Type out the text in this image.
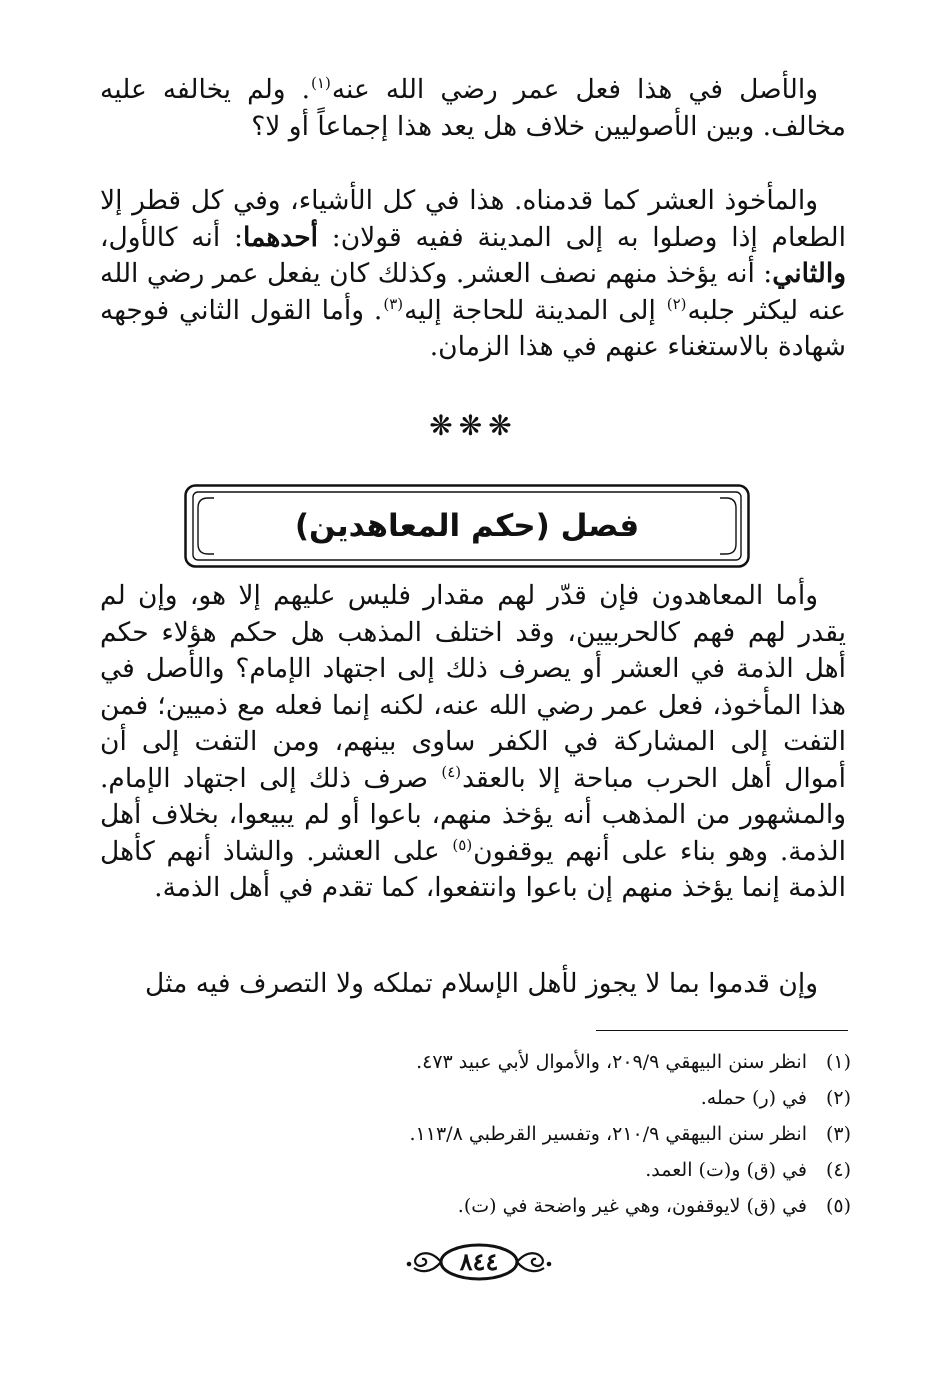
والأصل في هذا فعل عمر رضي الله عنه$^{(١)}$. ولم يخالفه عليه مخالف. وبين الأصوليين خلاف هل يعد هذا إجماعاً أو لا؟

والمأخوذ العشر كما قدمناه. هذا في كل الأشياء، وفي كل قطر إلا الطعام إذا وصلوا به إلى المدينة ففيه قولان: أحدهما: أنه كالأول، والثاني: أنه يؤخذ منهم نصف العشر. وكذلك كان يفعل عمر رضي الله عنه ليكثر جلبه$^{(٢)}$ إلى المدينة للحاجة إليه$^{(٣)}$. وأما القول الثاني فوجهه شهادة بالاستغناء عنهم في هذا الزمان.

❋❋❋
فصل (حكم المعاهدين)

وأما المعاهدون فإن قدّر لهم مقدار فليس عليهم إلا هو، وإن لم يقدر لهم فهم كالحربيين، وقد اختلف المذهب هل حكم هؤلاء حكم أهل الذمة في العشر أو يصرف ذلك إلى اجتهاد الإمام؟ والأصل في هذا المأخوذ، فعل عمر رضي الله عنه، لكنه إنما فعله مع ذميين؛ فمن التفت إلى المشاركة في الكفر ساوى بينهم، ومن التفت إلى أن أموال أهل الحرب مباحة إلا بالعقد$^{(٤)}$ صرف ذلك إلى اجتهاد الإمام. والمشهور من المذهب أنه يؤخذ منهم، باعوا أو لم يبيعوا، بخلاف أهل الذمة. وهو بناء على أنهم يوقفون$^{(٥)}$ على العشر. والشاذ أنهم كأهل الذمة إنما يؤخذ منهم إن باعوا وانتفعوا، كما تقدم في أهل الذمة.

وإن قدموا بما لا يجوز لأهل الإسلام تملكه ولا التصرف فيه مثل

(١)انظر سنن البيهقي ٢٠٩/٩، والأموال لأبي عبيد ٤٧٣.
(٢)في (ر) حمله.
(٣)انظر سنن البيهقي ٢١٠/٩، وتفسير القرطبي ١١٣/٨.
(٤)في (ق) و(ت) العمد.
(٥)في (ق) لايوقفون، وهي غير واضحة في (ت).
٨٤٤
